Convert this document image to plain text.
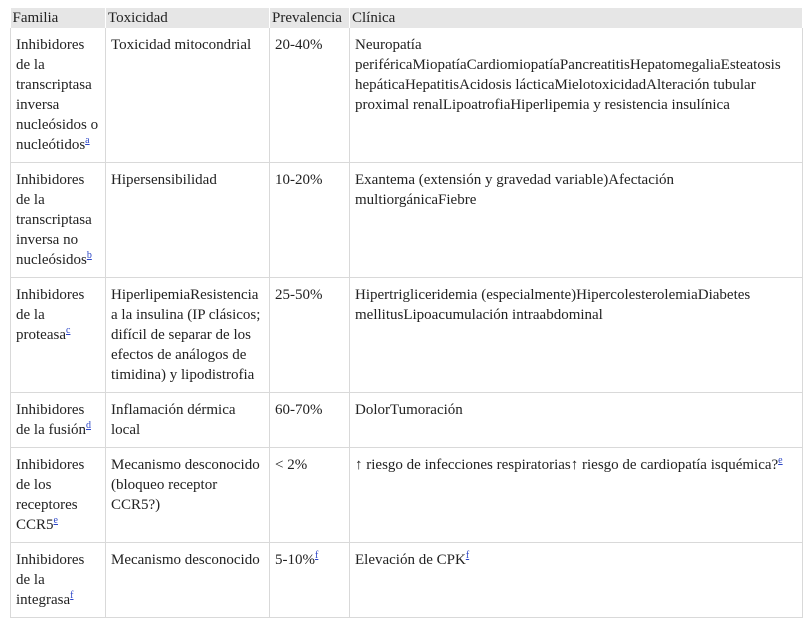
Familia	Toxicidad	Prevalencia	Clínica
Inhibidores de la transcriptasa inversa nucleósidos o nucleótidos$^a$	Toxicidad mitocondrial	20-40%	Neuropatía periféricaMiopatíaCardiomiopatíaPancreatitisHepatomegaliaEsteatosis hepáticaHepatitisAcidosis lácticaMielotoxicidadAlteración tubular proximal renalLipoatrofiaHiperlipemia y resistencia insulínica
Inhibidores de la transcriptasa inversa no nucleósidos$^b$	Hipersensibilidad	10-20%	Exantema (extensión y gravedad variable)Afectación multiorgánicaFiebre
Inhibidores de la proteasa$^c$	HiperlipemiaResistencia a la insulina (IP clásicos; difícil de separar de los efectos de análogos de timidina) y lipodistrofia	25-50%	Hipertrigliceridemia (especialmente)HipercolesterolemiaDiabetes mellitusLipoacumulación intraabdominal
Inhibidores de la fusión$^d$	Inflamación dérmica local	60-70%	DolorTumoración
Inhibidores de los receptores CCR5e	Mecanismo desconocido (bloqueo receptor CCR5?)	< 2%	↑ riesgo de infecciones respiratorias↑ riesgo de cardiopatía isquémica?$^e$
Inhibidores de la integrasa$^f$	Mecanismo desconocido	5-10%$^f$	Elevación de CPK$^f$
